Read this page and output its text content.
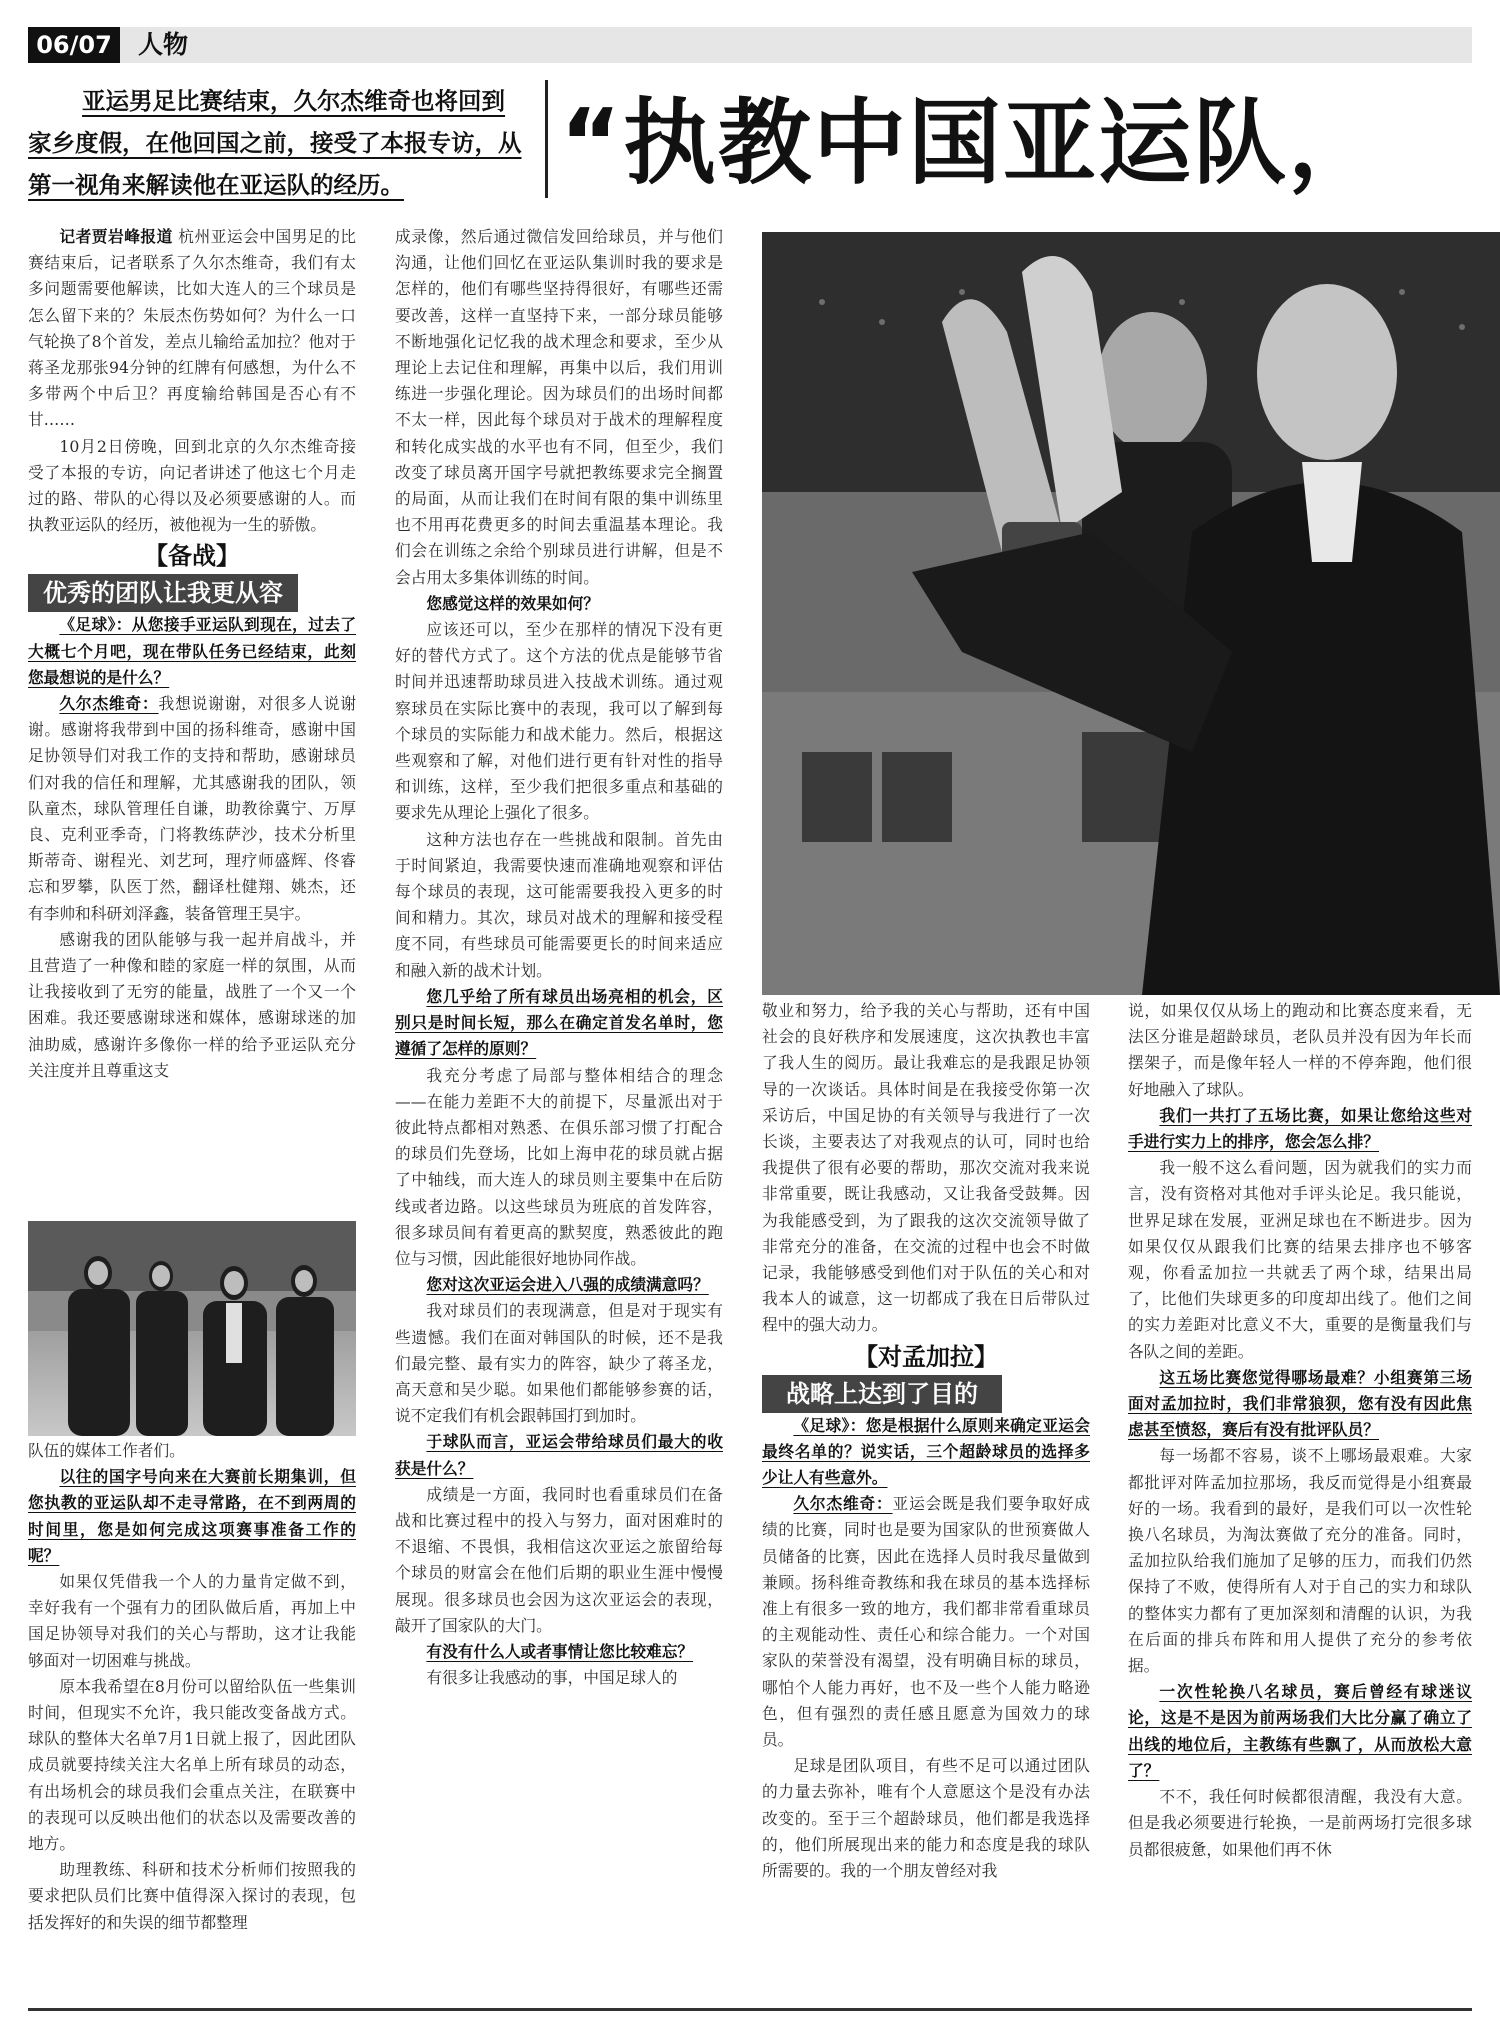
06/07	人物
亚运男足比赛结束，久尔杰维奇也将回到家乡度假，在他回国之前，接受了本报专访，从第一视角来解读他在亚运队的经历。	“执教中国亚运队，

记者贾岩峰报道 杭州亚运会中国男足的比赛结束后，记者联系了久尔杰维奇，我们有太多问题需要他解读，比如大连人的三个球员是怎么留下来的？朱辰杰伤势如何？为什么一口气轮换了8个首发，差点儿输给孟加拉？他对于蒋圣龙那张94分钟的红牌有何感想，为什么不多带两个中后卫？再度输给韩国是否心有不甘……

10月2日傍晚，回到北京的久尔杰维奇接受了本报的专访，向记者讲述了他这七个月走过的路、带队的心得以及必须要感谢的人。而执教亚运队的经历，被他视为一生的骄傲。

【备战】

优秀的团队让我更从容

《足球》：从您接手亚运队到现在，过去了大概七个月吧，现在带队任务已经结束，此刻您最想说的是什么？

久尔杰维奇：我想说谢谢，对很多人说谢谢。感谢将我带到中国的扬科维奇，感谢中国足协领导们对我工作的支持和帮助，感谢球员们对我的信任和理解，尤其感谢我的团队，领队童杰，球队管理任自谦，助教徐冀宁、万厚良、克利亚季奇，门将教练萨沙，技术分析里斯蒂奇、谢程光、刘艺珂，理疗师盛辉、佟睿忘和罗攀，队医丁然，翻译杜健翔、姚杰，还有李帅和科研刘泽鑫，装备管理王昊宇。

感谢我的团队能够与我一起并肩战斗，并且营造了一种像和睦的家庭一样的氛围，从而让我接收到了无穷的能量，战胜了一个又一个困难。我还要感谢球迷和媒体，感谢球迷的加油助威，感谢许多像你一样的给予亚运队充分关注度并且尊重这支

队伍的媒体工作者们。

以往的国字号向来在大赛前长期集训，但您执教的亚运队却不走寻常路，在不到两周的时间里，您是如何完成这项赛事准备工作的呢？

如果仅凭借我一个人的力量肯定做不到，幸好我有一个强有力的团队做后盾，再加上中国足协领导对我们的关心与帮助，这才让我能够面对一切困难与挑战。

原本我希望在8月份可以留给队伍一些集训时间，但现实不允许，我只能改变备战方式。球队的整体大名单7月1日就上报了，因此团队成员就要持续关注大名单上所有球员的动态，有出场机会的球员我们会重点关注，在联赛中的表现可以反映出他们的状态以及需要改善的地方。

助理教练、科研和技术分析师们按照我的要求把队员们比赛中值得深入探讨的表现，包括发挥好的和失误的细节都整理

成录像，然后通过微信发回给球员，并与他们沟通，让他们回忆在亚运队集训时我的要求是怎样的，他们有哪些坚持得很好，有哪些还需要改善，这样一直坚持下来，一部分球员能够不断地强化记忆我的战术理念和要求，至少从理论上去记住和理解，再集中以后，我们用训练进一步强化理论。因为球员们的出场时间都不太一样，因此每个球员对于战术的理解程度和转化成实战的水平也有不同，但至少，我们改变了球员离开国字号就把教练要求完全搁置的局面，从而让我们在时间有限的集中训练里也不用再花费更多的时间去重温基本理论。我们会在训练之余给个别球员进行讲解，但是不会占用太多集体训练的时间。

您感觉这样的效果如何？

应该还可以，至少在那样的情况下没有更好的替代方式了。这个方法的优点是能够节省时间并迅速帮助球员进入技战术训练。通过观察球员在实际比赛中的表现，我可以了解到每个球员的实际能力和战术能力。然后，根据这些观察和了解，对他们进行更有针对性的指导和训练，这样，至少我们把很多重点和基础的要求先从理论上强化了很多。

这种方法也存在一些挑战和限制。首先由于时间紧迫，我需要快速而准确地观察和评估每个球员的表现，这可能需要我投入更多的时间和精力。其次，球员对战术的理解和接受程度不同，有些球员可能需要更长的时间来适应和融入新的战术计划。

您几乎给了所有球员出场亮相的机会，区别只是时间长短，那么在确定首发名单时，您遵循了怎样的原则？

我充分考虑了局部与整体相结合的理念——在能力差距不大的前提下，尽量派出对于彼此特点都相对熟悉、在俱乐部习惯了打配合的球员们先登场，比如上海申花的球员就占据了中轴线，而大连人的球员则主要集中在后防线或者边路。以这些球员为班底的首发阵容，很多球员间有着更高的默契度，熟悉彼此的跑位与习惯，因此能很好地协同作战。

您对这次亚运会进入八强的成绩满意吗？

我对球员们的表现满意，但是对于现实有些遗憾。我们在面对韩国队的时候，还不是我们最完整、最有实力的阵容，缺少了蒋圣龙，高天意和吴少聪。如果他们都能够参赛的话，说不定我们有机会跟韩国打到加时。

于球队而言，亚运会带给球员们最大的收获是什么？

成绩是一方面，我同时也看重球员们在备战和比赛过程中的投入与努力，面对困难时的不退缩、不畏惧，我相信这次亚运之旅留给每个球员的财富会在他们后期的职业生涯中慢慢展现。很多球员也会因为这次亚运会的表现，敲开了国家队的大门。

有没有什么人或者事情让您比较难忘？

有很多让我感动的事，中国足球人的

敬业和努力，给予我的关心与帮助，还有中国社会的良好秩序和发展速度，这次执教也丰富了我人生的阅历。最让我难忘的是我跟足协领导的一次谈话。具体时间是在我接受你第一次采访后，中国足协的有关领导与我进行了一次长谈，主要表达了对我观点的认可，同时也给我提供了很有必要的帮助，那次交流对我来说非常重要，既让我感动，又让我备受鼓舞。因为我能感受到，为了跟我的这次交流领导做了非常充分的准备，在交流的过程中也会不时做记录，我能够感受到他们对于队伍的关心和对我本人的诚意，这一切都成了我在日后带队过程中的强大动力。

【对孟加拉】

战略上达到了目的

《足球》：您是根据什么原则来确定亚运会最终名单的？说实话，三个超龄球员的选择多少让人有些意外。

久尔杰维奇：亚运会既是我们要争取好成绩的比赛，同时也是要为国家队的世预赛做人员储备的比赛，因此在选择人员时我尽量做到兼顾。扬科维奇教练和我在球员的基本选择标准上有很多一致的地方，我们都非常看重球员的主观能动性、责任心和综合能力。一个对国家队的荣誉没有渴望，没有明确目标的球员，哪怕个人能力再好，也不及一些个人能力略逊色，但有强烈的责任感且愿意为国效力的球员。

足球是团队项目，有些不足可以通过团队的力量去弥补，唯有个人意愿这个是没有办法改变的。至于三个超龄球员，他们都是我选择的，他们所展现出来的能力和态度是我的球队所需要的。我的一个朋友曾经对我

说，如果仅仅从场上的跑动和比赛态度来看，无法区分谁是超龄球员，老队员并没有因为年长而摆架子，而是像年轻人一样的不停奔跑，他们很好地融入了球队。

我们一共打了五场比赛，如果让您给这些对手进行实力上的排序，您会怎么排？

我一般不这么看问题，因为就我们的实力而言，没有资格对其他对手评头论足。我只能说，世界足球在发展，亚洲足球也在不断进步。因为如果仅仅从跟我们比赛的结果去排序也不够客观，你看孟加拉一共就丢了两个球，结果出局了，比他们失球更多的印度却出线了。他们之间的实力差距对比意义不大，重要的是衡量我们与各队之间的差距。

这五场比赛您觉得哪场最难？小组赛第三场面对孟加拉时，我们非常狼狈，您有没有因此焦虑甚至愤怒，赛后有没有批评队员？

每一场都不容易，谈不上哪场最艰难。大家都批评对阵孟加拉那场，我反而觉得是小组赛最好的一场。我看到的最好，是我们可以一次性轮换八名球员，为淘汰赛做了充分的准备。同时，孟加拉队给我们施加了足够的压力，而我们仍然保持了不败，使得所有人对于自己的实力和球队的整体实力都有了更加深刻和清醒的认识，为我在后面的排兵布阵和用人提供了充分的参考依据。

一次性轮换八名球员，赛后曾经有球迷议论，这是不是因为前两场我们大比分赢了确立了出线的地位后，主教练有些飘了，从而放松大意了？

不不，我任何时候都很清醒，我没有大意。但是我必须要进行轮换，一是前两场打完很多球员都很疲惫，如果他们再不休
